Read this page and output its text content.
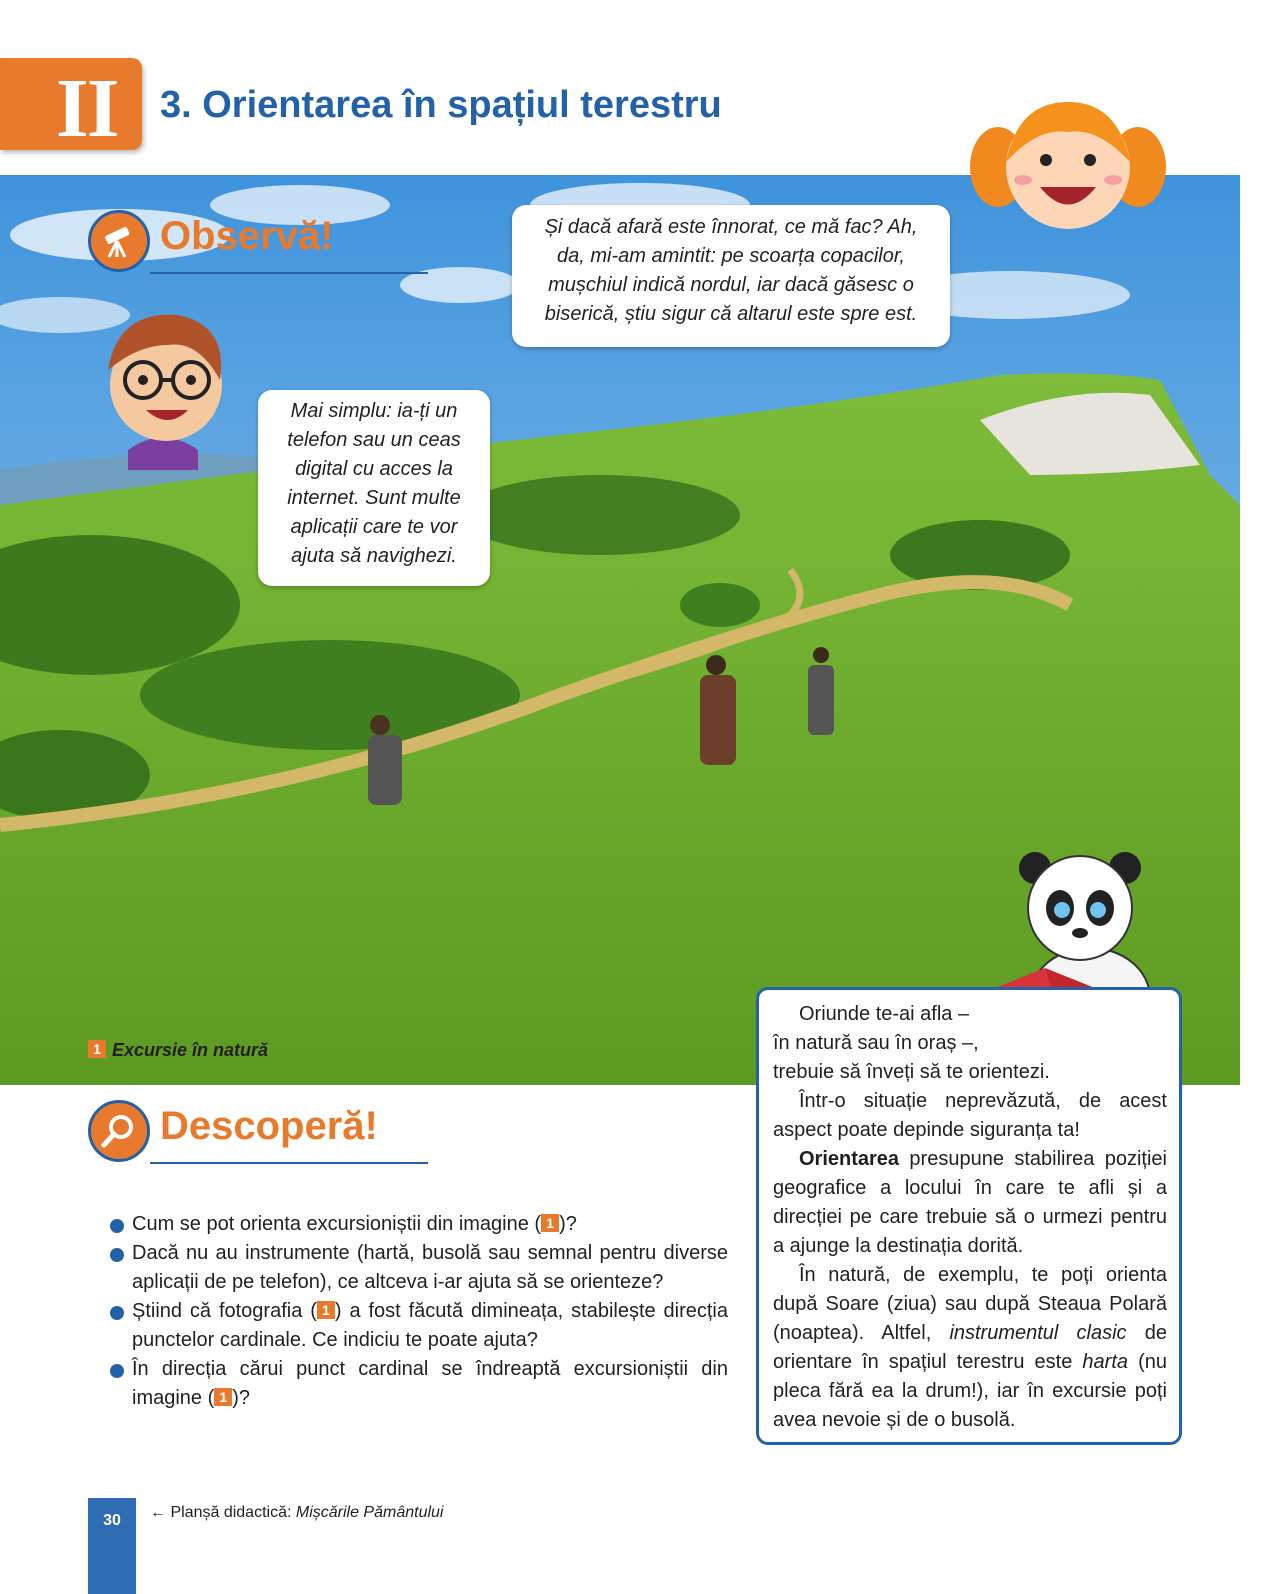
II 3. Orientarea în spațiul terestru
Observă!	Și dacă afară este înnorat, ce mă fac? Ah, da, mi-am amintit: pe scoarța copacilor, mușchiul indică nordul, iar dacă găsesc o biserică, știu sigur că altarul este spre est.
Mai simplu: ia-ți un telefon sau un ceas digital cu acces la internet. Sunt multe aplicații care te vor ajuta să navighezi.
1 Excursie în natură
Descoperă!
Cum se pot orienta excursioniștii din imagine ( 1 )?
Dacă nu au instrumente (hartă, busolă sau semnal pentru diverse aplicații de pe telefon), ce altceva i-ar ajuta să se orienteze?
Știind că fotografia ( 1 ) a fost făcută dimineața, stabilește direcția punctelor cardinale. Ce indiciu te poate ajuta?
În direcția cărui punct cardinal se îndreaptă excursioniștii din imagine ( 1 )?

Oriunde te-ai afla –

în natură sau în oraș –,

trebuie să înveți să te orientezi.

Într-o situație neprevăzută, de acest aspect poate depinde siguranța ta!

Orientarea presupune stabilirea poziției geografice a locului în care te afli și a direcției pe care trebuie să o urmezi pentru a ajunge la destinația dorită.

În natură, de exemplu, te poți orienta după Soare (ziua) sau după Steaua Polară (noaptea). Altfel, instrumentul clasic de orientare în spațiul terestru este harta (nu pleca fără ea la drum!), iar în excursie poți avea nevoie și de o busolă.

30	← Planșă didactică: Mișcările Pământului
